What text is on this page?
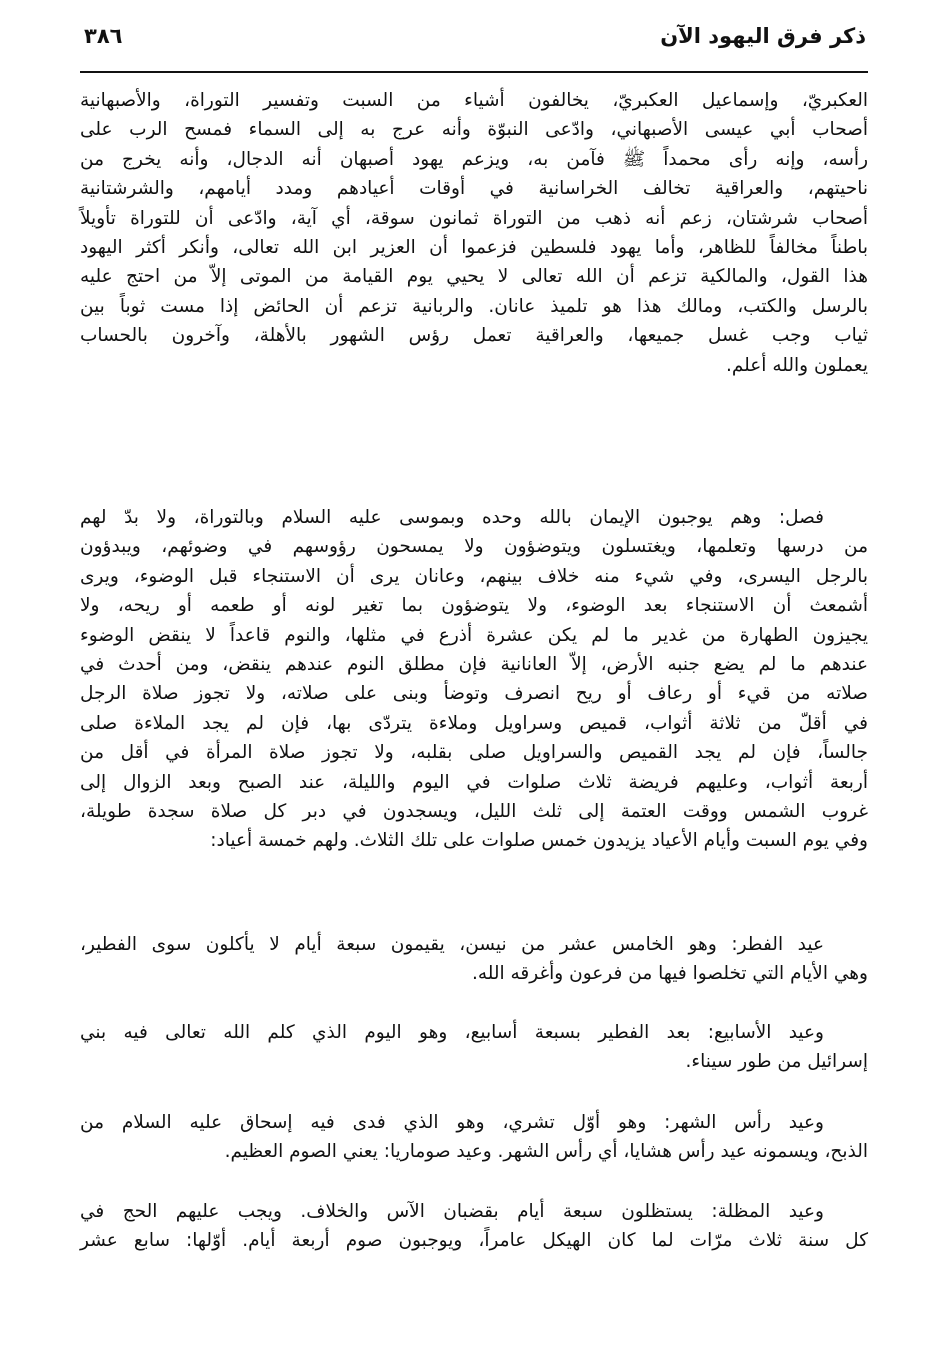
ذكر فرق اليهود الآن
٣٨٦
العكبريّ، وإسماعيل العكبريّ، يخالفون أشياء من السبت وتفسير التوراة، والأصبهانية
أصحاب أبي عيسى الأصبهاني، وادّعى النبوّة وأنه عرج به إلى السماء فمسح الرب على
رأسه، وإنه رأى محمداً ﷺ فآمن به، ويزعم يهود أصبهان أنه الدجال، وأنه يخرج من
ناحيتهم، والعراقية تخالف الخراسانية في أوقات أعيادهم ومدد أيامهم، والشرشتانية
أصحاب شرشتان، زعم أنه ذهب من التوراة ثمانون سوقة، أي آية، وادّعى أن للتوراة تأويلاً
باطناً مخالفاً للظاهر، وأما يهود فلسطين فزعموا أن العزير ابن الله تعالى، وأنكر أكثر اليهود
هذا القول، والمالكية تزعم أن الله تعالى لا يحيي يوم القيامة من الموتى إلاّ من احتج عليه
بالرسل والكتب، ومالك هذا هو تلميذ عانان. والربانية تزعم أن الحائض إذا مست ثوباً بين
ثياب وجب غسل جميعها، والعراقية تعمل رؤس الشهور بالأهلة، وآخرون بالحساب
يعملون والله أعلم.
فصل: وهم يوجبون الإيمان بالله وحده وبموسى عليه السلام وبالتوراة، ولا بدّ لهم
من درسها وتعلمها، ويغتسلون ويتوضؤون ولا يمسحون رؤوسهم في وضوئهم، ويبدؤون
بالرجل اليسرى، وفي شيء منه خلاف بينهم، وعانان يرى أن الاستنجاء قبل الوضوء، ويرى
أشمعث أن الاستنجاء بعد الوضوء، ولا يتوضؤون بما تغير لونه أو طعمه أو ريحه، ولا
يجيزون الطهارة من غدير ما لم يكن عشرة أذرع في مثلها، والنوم قاعداً لا ينقض الوضوء
عندهم ما لم يضع جنبه الأرض، إلاّ العانانية فإن مطلق النوم عندهم ينقض، ومن أحدث في
صلاته من قيء أو رعاف أو ريح انصرف وتوضأ وبنى على صلاته، ولا تجوز صلاة الرجل
في أقلّ من ثلاثة أثواب، قميص وسراويل وملاءة يتردّى بها، فإن لم يجد الملاءة صلى
جالساً، فإن لم يجد القميص والسراويل صلى بقلبه، ولا تجوز صلاة المرأة في أقل من
أربعة أثواب، وعليهم فريضة ثلاث صلوات في اليوم والليلة، عند الصبح وبعد الزوال إلى
غروب الشمس ووقت العتمة إلى ثلث الليل، ويسجدون في دبر كل صلاة سجدة طويلة،
وفي يوم السبت وأيام الأعياد يزيدون خمس صلوات على تلك الثلاث. ولهم خمسة أعياد:
عيد الفطر: وهو الخامس عشر من نيسن، يقيمون سبعة أيام لا يأكلون سوى الفطير،
وهي الأيام التي تخلصوا فيها من فرعون وأغرقه الله.
وعيد الأسابيع: بعد الفطير بسبعة أسابيع، وهو اليوم الذي كلم الله تعالى فيه بني
إسرائيل من طور سيناء.
وعيد رأس الشهر: وهو أوّل تشري، وهو الذي فدى فيه إسحاق عليه السلام من
الذبح، ويسمونه عيد رأس هشايا، أي رأس الشهر. وعيد صوماريا: يعني الصوم العظيم.
وعيد المظلة: يستظلون سبعة أيام بقضبان الآس والخلاف. ويجب عليهم الحج في
كل سنة ثلاث مرّات لما كان الهيكل عامراً، ويوجبون صوم أربعة أيام. أوّلها: سابع عشر
